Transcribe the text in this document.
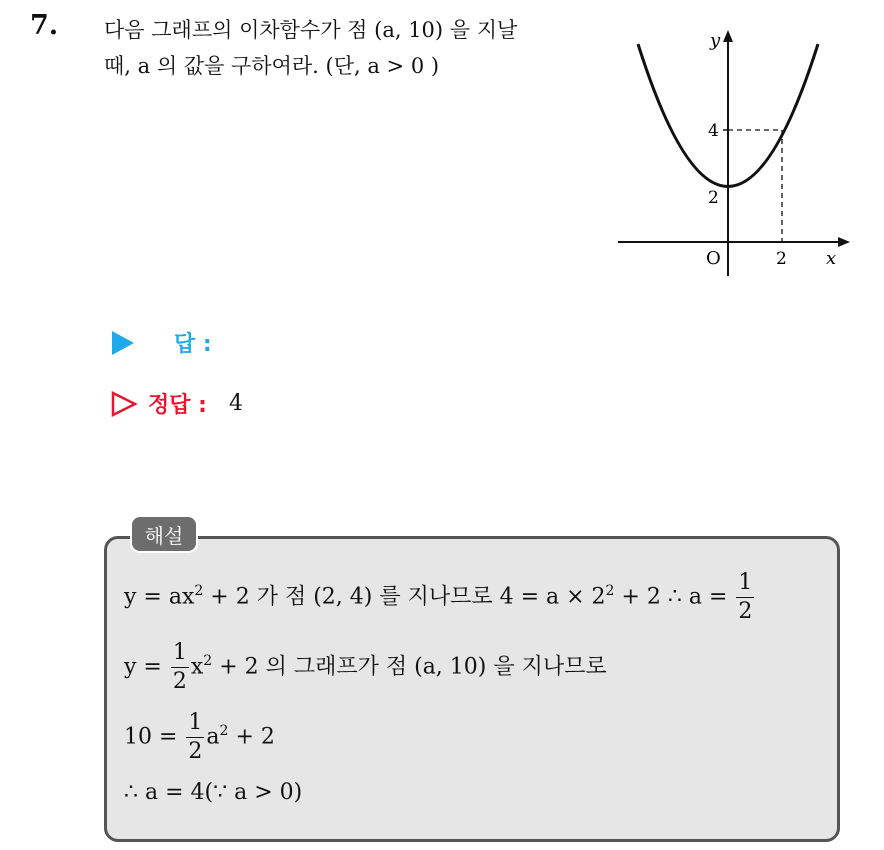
7. 다음 그래프의 이차함수가 점 (a, 10) 을 지날
때, a 의 값을 구하여라. (단, a > 0 )
y
4
2
O	2 x
답 :
정답 : 4
해설
$y = ax^2 + 2$ 가 점 (2, 4) 를 지나므로 $4 = a \times 2^2 + 2$ ∴ $a = \frac{1}{2}$
$y = \frac{1}{2} x^2 + 2$ 의 그래프가 점 (a, 10) 을 지나므로
$10 = \frac{1}{2} a^2 + 2$
∴ a = 4(∵ a > 0)
